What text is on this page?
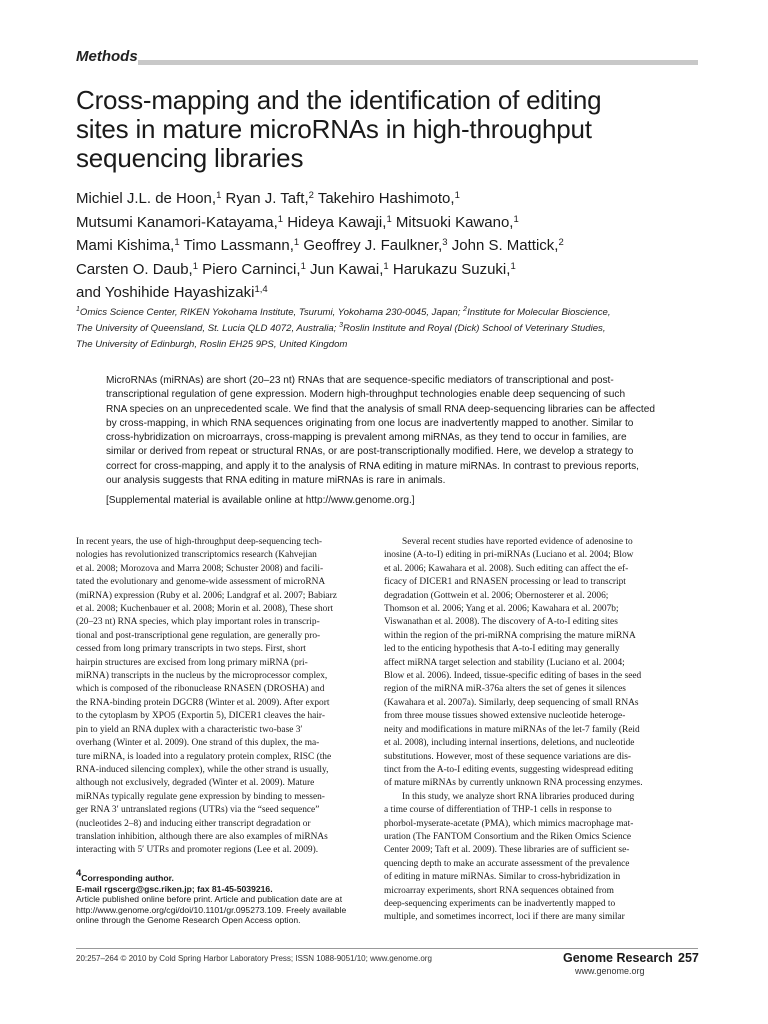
Methods
Cross-mapping and the identification of editing
sites in mature microRNAs in high-throughput
sequencing libraries
Michiel J.L. de Hoon,$^1$ Ryan J. Taft,$^2$ Takehiro Hashimoto,$^1$
Mutsumi Kanamori-Katayama,$^1$ Hideya Kawaji,$^1$ Mitsuoki Kawano,$^1$
Mami Kishima,$^1$ Timo Lassmann,$^1$ Geoffrey J. Faulkner,$^3$ John S. Mattick,$^2$
Carsten O. Daub,$^1$ Piero Carninci,$^1$ Jun Kawai,$^1$ Harukazu Suzuki,$^1$
and Yoshihide Hayashizaki$^{1,4}$
$^1$Omics Science Center, RIKEN Yokohama Institute, Tsurumi, Yokohama 230-0045, Japan; $^2$Institute for Molecular Bioscience,
The University of Queensland, St. Lucia QLD 4072, Australia; $^3$Roslin Institute and Royal (Dick) School of Veterinary Studies,
The University of Edinburgh, Roslin EH25 9PS, United Kingdom
MicroRNAs (miRNAs) are short (20–23 nt) RNAs that are sequence-specific mediators of transcriptional and post-
transcriptional regulation of gene expression. Modern high-throughput technologies enable deep sequencing of such
RNA species on an unprecedented scale. We find that the analysis of small RNA deep-sequencing libraries can be affected
by cross-mapping, in which RNA sequences originating from one locus are inadvertently mapped to another. Similar to
cross-hybridization on microarrays, cross-mapping is prevalent among miRNAs, as they tend to occur in families, are
similar or derived from repeat or structural RNAs, or are post-transcriptionally modified. Here, we develop a strategy to
correct for cross-mapping, and apply it to the analysis of RNA editing in mature miRNAs. In contrast to previous reports,
our analysis suggests that RNA editing in mature miRNAs is rare in animals.
[Supplemental material is available online at http://www.genome.org.]
In recent years, the use of high-throughput deep-sequencing tech-
nologies has revolutionized transcriptomics research (Kahvejian
et al. 2008; Morozova and Marra 2008; Schuster 2008) and facili-
tated the evolutionary and genome-wide assessment of microRNA
(miRNA) expression (Ruby et al. 2006; Landgraf et al. 2007; Babiarz
et al. 2008; Kuchenbauer et al. 2008; Morin et al. 2008), These short
(20–23 nt) RNA species, which play important roles in transcrip-
tional and post-transcriptional gene regulation, are generally pro-
cessed from long primary transcripts in two steps. First, short
hairpin structures are excised from long primary miRNA (pri-
miRNA) transcripts in the nucleus by the microprocessor complex,
which is composed of the ribonuclease RNASEN (DROSHA) and
the RNA-binding protein DGCR8 (Winter et al. 2009). After export
to the cytoplasm by XPO5 (Exportin 5), DICER1 cleaves the hair-
pin to yield an RNA duplex with a characteristic two-base 3′
overhang (Winter et al. 2009). One strand of this duplex, the ma-
ture miRNA, is loaded into a regulatory protein complex, RISC (the
RNA-induced silencing complex), while the other strand is usually,
although not exclusively, degraded (Winter et al. 2009). Mature
miRNAs typically regulate gene expression by binding to messen-
ger RNA 3′ untranslated regions (UTRs) via the “seed sequence”
(nucleotides 2–8) and inducing either transcript degradation or
translation inhibition, although there are also examples of miRNAs
interacting with 5′ UTRs and promoter regions (Lee et al. 2009).
$^4$Corresponding author.
E-mail rgscerg@gsc.riken.jp; fax 81-45-5039216.
Article published online before print. Article and publication date are at
http://www.genome.org/cgi/doi/10.1101/gr.095273.109. Freely available
online through the Genome Research Open Access option.
Several recent studies have reported evidence of adenosine to
inosine (A-to-I) editing in pri-miRNAs (Luciano et al. 2004; Blow
et al. 2006; Kawahara et al. 2008). Such editing can affect the ef-
ficacy of DICER1 and RNASEN processing or lead to transcript
degradation (Gottwein et al. 2006; Obernosterer et al. 2006;
Thomson et al. 2006; Yang et al. 2006; Kawahara et al. 2007b;
Viswanathan et al. 2008). The discovery of A-to-I editing sites
within the region of the pri-miRNA comprising the mature miRNA
led to the enticing hypothesis that A-to-I editing may generally
affect miRNA target selection and stability (Luciano et al. 2004;
Blow et al. 2006). Indeed, tissue-specific editing of bases in the seed
region of the miRNA miR-376a alters the set of genes it silences
(Kawahara et al. 2007a). Similarly, deep sequencing of small RNAs
from three mouse tissues showed extensive nucleotide heteroge-
neity and modifications in mature miRNAs of the let-7 family (Reid
et al. 2008), including internal insertions, deletions, and nucleotide
substitutions. However, most of these sequence variations are dis-
tinct from the A-to-I editing events, suggesting widespread editing
of mature miRNAs by currently unknown RNA processing enzymes.
In this study, we analyze short RNA libraries produced during
a time course of differentiation of THP-1 cells in response to
phorbol-myserate-acetate (PMA), which mimics macrophage mat-
uration (The FANTOM Consortium and the Riken Omics Science
Center 2009; Taft et al. 2009). These libraries are of sufficient se-
quencing depth to make an accurate assessment of the prevalence
of editing in mature miRNAs. Similar to cross-hybridization in
microarray experiments, short RNA sequences obtained from
deep-sequencing experiments can be inadvertently mapped to
multiple, and sometimes incorrect, loci if there are many similar
20:257–264 © 2010 by Cold Spring Harbor Laboratory Press; ISSN 1088-9051/10; www.genome.org	Genome Research 257
www.genome.org
